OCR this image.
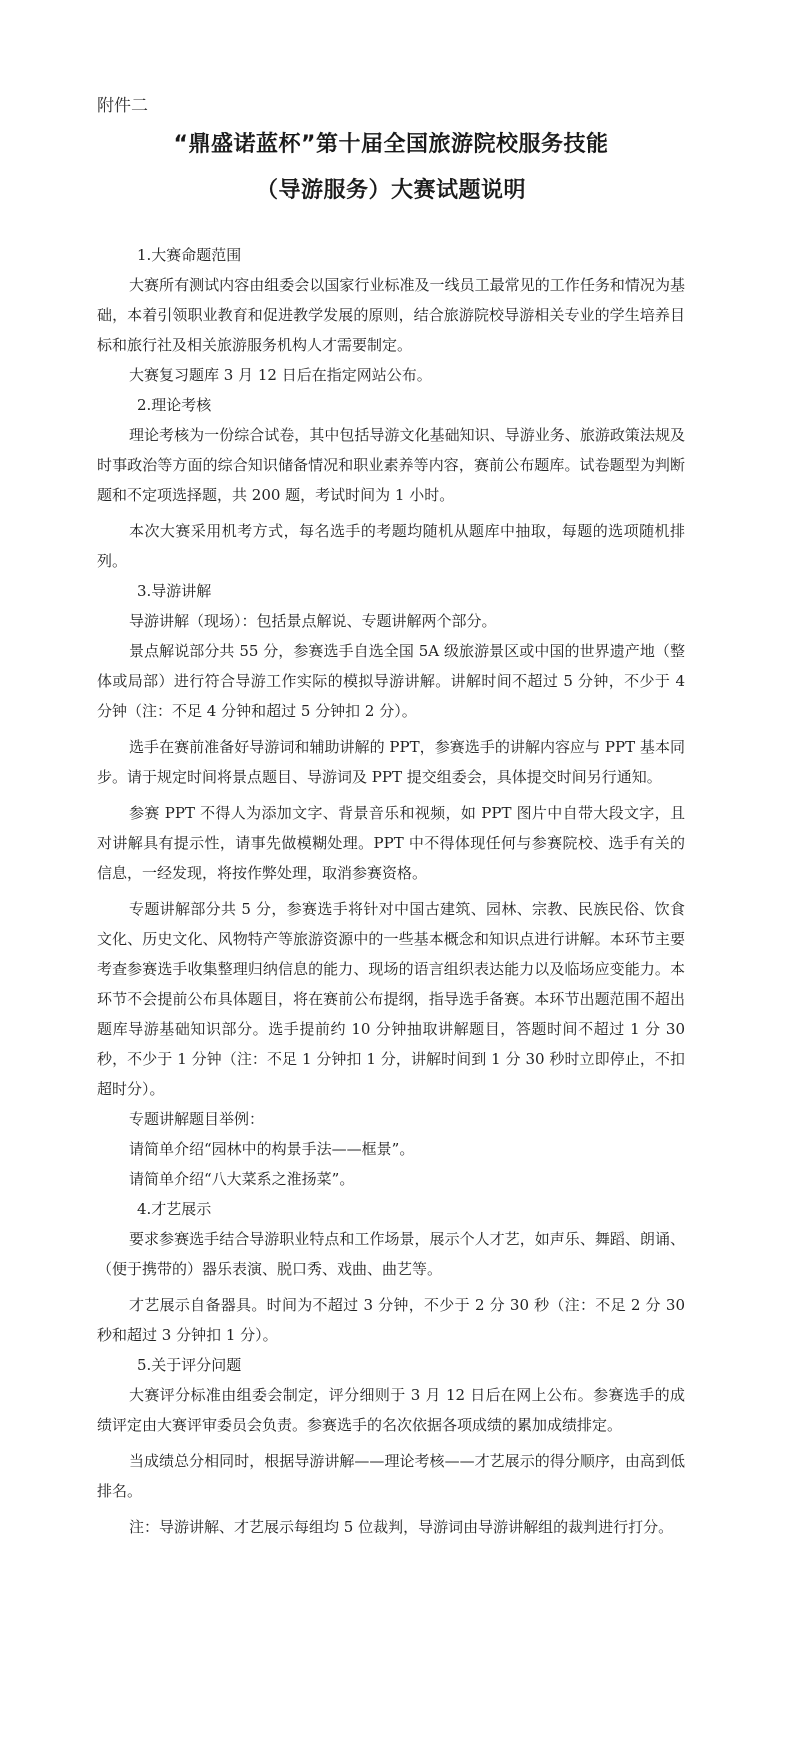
附件二

“鼎盛诺蓝杯”第十届全国旅游院校服务技能
（导游服务）大赛试题说明

1.大赛命题范围

大赛所有测试内容由组委会以国家行业标准及一线员工最常见的工作任务和情况为基础，本着引领职业教育和促进教学发展的原则，结合旅游院校导游相关专业的学生培养目标和旅行社及相关旅游服务机构人才需要制定。

大赛复习题库 3 月 12 日后在指定网站公布。

2.理论考核

理论考核为一份综合试卷，其中包括导游文化基础知识、导游业务、旅游政策法规及时事政治等方面的综合知识储备情况和职业素养等内容，赛前公布题库。试卷题型为判断题和不定项选择题，共 200 题，考试时间为 1 小时。

本次大赛采用机考方式，每名选手的考题均随机从题库中抽取，每题的选项随机排列。

3.导游讲解

导游讲解（现场）：包括景点解说、专题讲解两个部分。

景点解说部分共 55 分，参赛选手自选全国 5A 级旅游景区或中国的世界遗产地（整体或局部）进行符合导游工作实际的模拟导游讲解。讲解时间不超过 5 分钟，不少于 4 分钟（注：不足 4 分钟和超过 5 分钟扣 2 分）。

选手在赛前准备好导游词和辅助讲解的 PPT，参赛选手的讲解内容应与 PPT 基本同步。请于规定时间将景点题目、导游词及 PPT 提交组委会，具体提交时间另行通知。

参赛 PPT 不得人为添加文字、背景音乐和视频，如 PPT 图片中自带大段文字，且对讲解具有提示性，请事先做模糊处理。PPT 中不得体现任何与参赛院校、选手有关的信息，一经发现，将按作弊处理，取消参赛资格。

专题讲解部分共 5 分，参赛选手将针对中国古建筑、园林、宗教、民族民俗、饮食文化、历史文化、风物特产等旅游资源中的一些基本概念和知识点进行讲解。本环节主要考查参赛选手收集整理归纳信息的能力、现场的语言组织表达能力以及临场应变能力。本环节不会提前公布具体题目，将在赛前公布提纲，指导选手备赛。本环节出题范围不超出题库导游基础知识部分。选手提前约 10 分钟抽取讲解题目，答题时间不超过 1 分 30 秒，不少于 1 分钟（注：不足 1 分钟扣 1 分，讲解时间到 1 分 30 秒时立即停止，不扣超时分）。

专题讲解题目举例：

请简单介绍“园林中的构景手法——框景”。

请简单介绍“八大菜系之淮扬菜”。

4.才艺展示

要求参赛选手结合导游职业特点和工作场景，展示个人才艺，如声乐、舞蹈、朗诵、（便于携带的）器乐表演、脱口秀、戏曲、曲艺等。

才艺展示自备器具。时间为不超过 3 分钟，不少于 2 分 30 秒（注：不足 2 分 30 秒和超过 3 分钟扣 1 分）。

5.关于评分问题

大赛评分标准由组委会制定，评分细则于 3 月 12 日后在网上公布。参赛选手的成绩评定由大赛评审委员会负责。参赛选手的名次依据各项成绩的累加成绩排定。

当成绩总分相同时，根据导游讲解——理论考核——才艺展示的得分顺序，由高到低排名。

注：导游讲解、才艺展示每组均 5 位裁判，导游词由导游讲解组的裁判进行打分。
